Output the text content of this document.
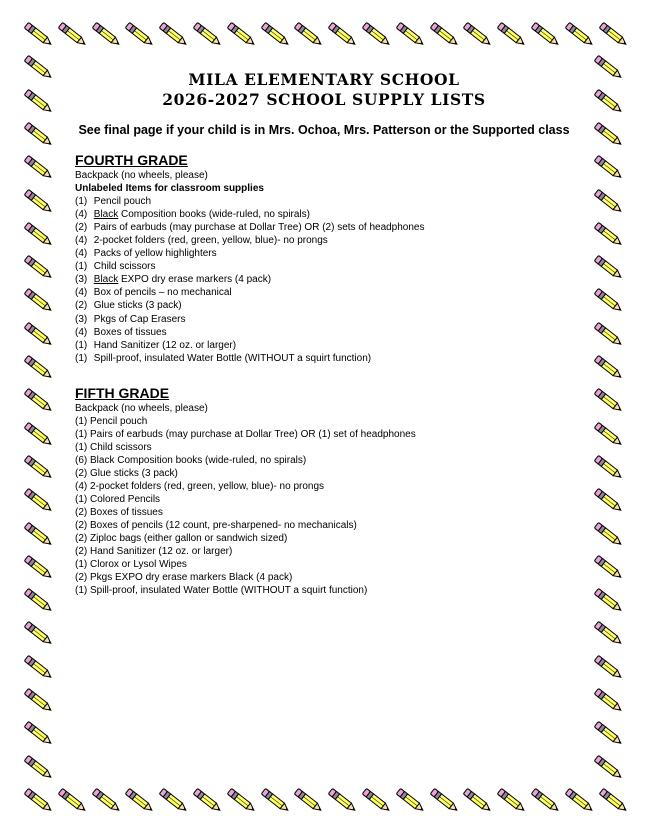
MILA ELEMENTARY SCHOOL
2026-2027 SCHOOL SUPPLY LISTS
See final page if your child is in Mrs. Ochoa, Mrs. Patterson or the Supported class
FOURTH GRADE
Backpack (no wheels, please)
Unlabeled Items for classroom supplies
(1) Pencil pouch
(4) Black Composition books (wide-ruled, no spirals)
(2) Pairs of earbuds (may purchase at Dollar Tree) OR (2) sets of headphones
(4) 2-pocket folders (red, green, yellow, blue)- no prongs
(4) Packs of yellow highlighters
(1) Child scissors
(3) Black EXPO dry erase markers (4 pack)
(4) Box of pencils – no mechanical
(2) Glue sticks (3 pack)
(3) Pkgs of Cap Erasers
(4) Boxes of tissues
(1) Hand Sanitizer (12 oz. or larger)
(1) Spill-proof, insulated Water Bottle (WITHOUT a squirt function)
FIFTH GRADE
Backpack (no wheels, please)
(1) Pencil pouch
(1) Pairs of earbuds (may purchase at Dollar Tree) OR (1) set of headphones
(1) Child scissors
(6) Black Composition books (wide-ruled, no spirals)
(2) Glue sticks (3 pack)
(4) 2-pocket folders (red, green, yellow, blue)- no prongs
(1) Colored Pencils
(2) Boxes of tissues
(2) Boxes of pencils (12 count, pre-sharpened- no mechanicals)
(2) Ziploc bags (either gallon or sandwich sized)
(2) Hand Sanitizer (12 oz. or larger)
(1) Clorox or Lysol Wipes
(2) Pkgs EXPO dry erase markers Black (4 pack)
(1) Spill-proof, insulated Water Bottle (WITHOUT a squirt function)
